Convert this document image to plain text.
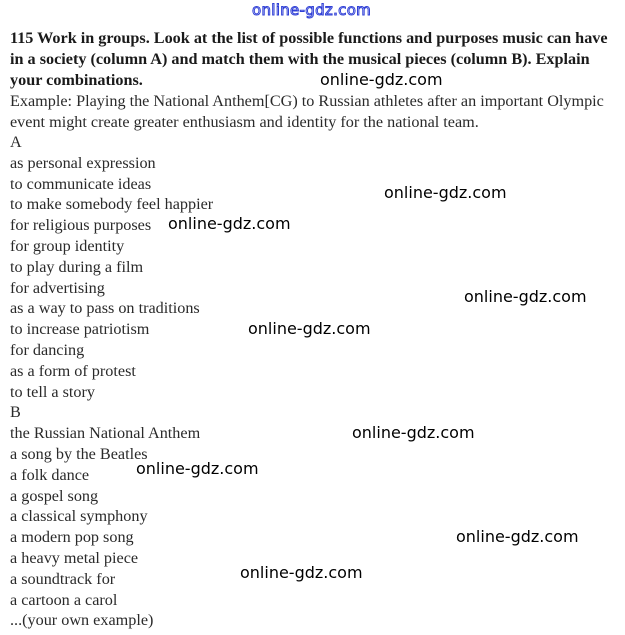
online-gdz.com

115 Work in groups. Look at the list of possible functions and purposes music can have in a society (column A) and match them with the musical pieces (column B). Explain your combinations.

Example: Playing the National Anthem[CG) to Russian athletes after an important Olympic event might create greater enthusiasm and identity for the national team.

A

as personal expression
to communicate ideas
to make somebody feel happier
for religious purposes
for group identity
to play during a film
for advertising
as a way to pass on traditions
to increase patriotism
for dancing
as a form of protest
to tell a story

B

the Russian National Anthem
a song by the Beatles
a folk dance
a gospel song
a classical symphony
a modern pop song
a heavy metal piece
a soundtrack for
a cartoon a carol
...(your own example)
online-gdz.com
online-gdz.com
online-gdz.com
online-gdz.com
online-gdz.com
online-gdz.com
online-gdz.com
online-gdz.com
online-gdz.com
